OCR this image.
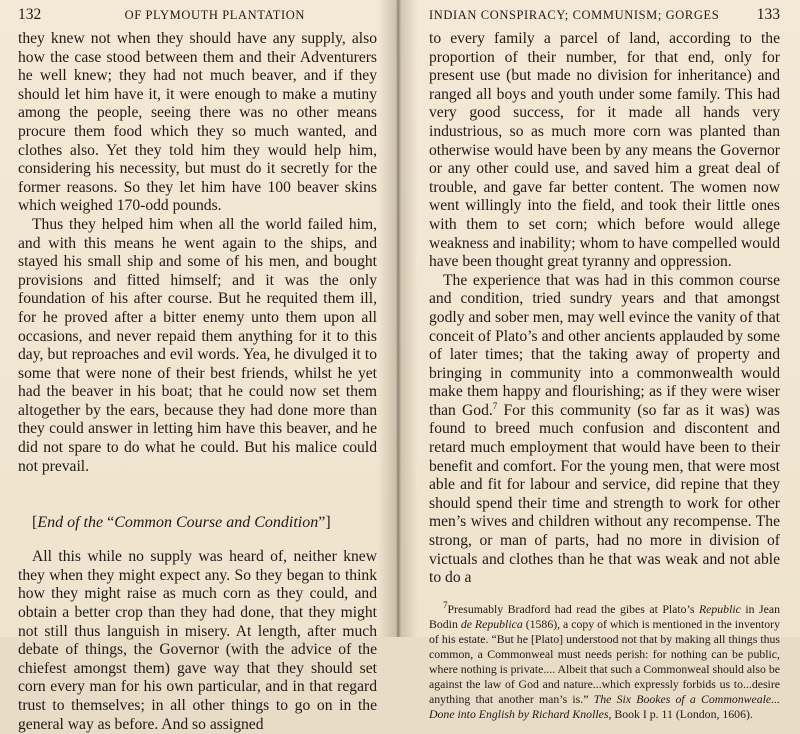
132	OF PLYMOUTH PLANTATION

they knew not when they should have any supply, also how the case stood between them and their Adventurers he well knew; they had not much beaver, and if they should let him have it, it were enough to make a mutiny among the people, seeing there was no other means procure them food which they so much wanted, and clothes also. Yet they told him they would help him, considering his necessity, but must do it secretly for the former reasons. So they let him have 100 beaver skins which weighed 170-odd pounds.

Thus they helped him when all the world failed him, and with this means he went again to the ships, and stayed his small ship and some of his men, and bought provisions and fitted himself; and it was the only foundation of his after course. But he requited them ill, for he proved after a bitter enemy unto them upon all occasions, and never repaid them anything for it to this day, but reproaches and evil words. Yea, he divulged it to some that were none of their best friends, whilst he yet had the beaver in his boat; that he could now set them altogether by the ears, because they had done more than they could answer in letting him have this beaver, and he did not spare to do what he could. But his malice could not prevail.

[End of the “Common Course and Condition”]

All this while no supply was heard of, neither knew they when they might expect any. So they began to think how they might raise as much corn as they could, and obtain a better crop than they had done, that they might not still thus languish in misery. At length, after much debate of things, the Governor (with the advice of the chiefest amongst them) gave way that they should set corn every man for his own particular, and in that regard trust to themselves; in all other things to go on in the general way as before. And so assigned

INDIAN CONSPIRACY; COMMUNISM; GORGES 133

to every family a parcel of land, according to the proportion of their number, for that end, only for present use (but made no division for inheritance) and ranged all boys and youth under some family. This had very good success, for it made all hands very industrious, so as much more corn was planted than otherwise would have been by any means the Governor or any other could use, and saved him a great deal of trouble, and gave far better content. The women now went willingly into the field, and took their little ones with them to set corn; which before would allege weakness and inability; whom to have compelled would have been thought great tyranny and oppression.

The experience that was had in this common course and condition, tried sundry years and that amongst godly and sober men, may well evince the vanity of that conceit of Plato’s and other ancients applauded by some of later times; that the taking away of property and bringing in community into a commonwealth would make them happy and flourishing; as if they were wiser than God.$^7$ For this community (so far as it was) was found to breed much confusion and discontent and retard much employment that would have been to their benefit and comfort. For the young men, that were most able and fit for labour and service, did repine that they should spend their time and strength to work for other men’s wives and children without any recompense. The strong, or man of parts, had no more in division of victuals and clothes than he that was weak and not able to do a

$^7$Presumably Bradford had read the gibes at Plato’s Republic in Jean Bodin de Republica (1586), a copy of which is mentioned in the inventory of his estate. “But he [Plato] understood not that by making all things thus common, a Commonweal must needs perish: for nothing can be public, where nothing is private.... Albeit that such a Commonweal should also be against the law of God and nature...which expressly forbids us to...desire anything that another man’s is.” The Six Bookes of a Commonweale... Done into English by Richard Knolles, Book I p. 11 (London, 1606).
